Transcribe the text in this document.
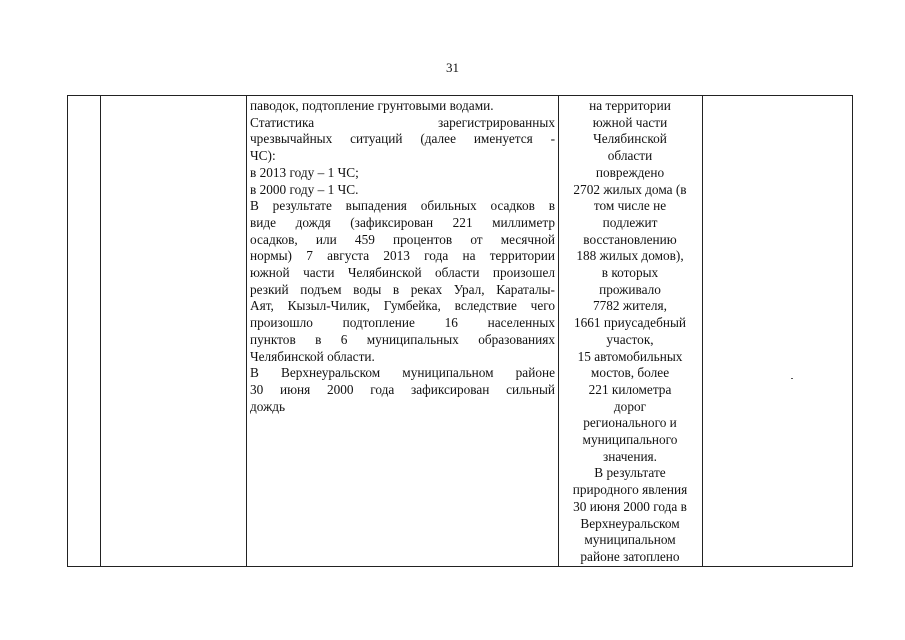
31
паводок, подтопление грунтовыми водами.
Статистика зарегистрированных
чрезвычайных ситуаций (далее именуется -
ЧС):
в 2013 году – 1 ЧС;
в 2000 году – 1 ЧС.
В результате выпадения обильных осадков в
виде дождя (зафиксирован 221 миллиметр
осадков, или 459 процентов от месячной
нормы) 7 августа 2013 года на территории
южной части Челябинской области произошел
резкий подъем воды в реках Урал, Караталы-
Аят, Кызыл-Чилик, Гумбейка, вследствие чего
произошло подтопление 16 населенных
пунктов в 6 муниципальных образованиях
Челябинской области.
В Верхнеуральском муниципальном районе
30 июня 2000 года зафиксирован сильный
дождь
на территории
южной части
Челябинской
области
повреждено
2702 жилых дома (в
том числе не
подлежит
восстановлению
188 жилых домов),
в которых
проживало
7782 жителя,
1661 приусадебный
участок,
15 автомобильных
мостов, более
221 километра
дорог
регионального и
муниципального
значения.
В результате
природного явления
30 июня 2000 года в
Верхнеуральском
муниципальном
районе затоплено
